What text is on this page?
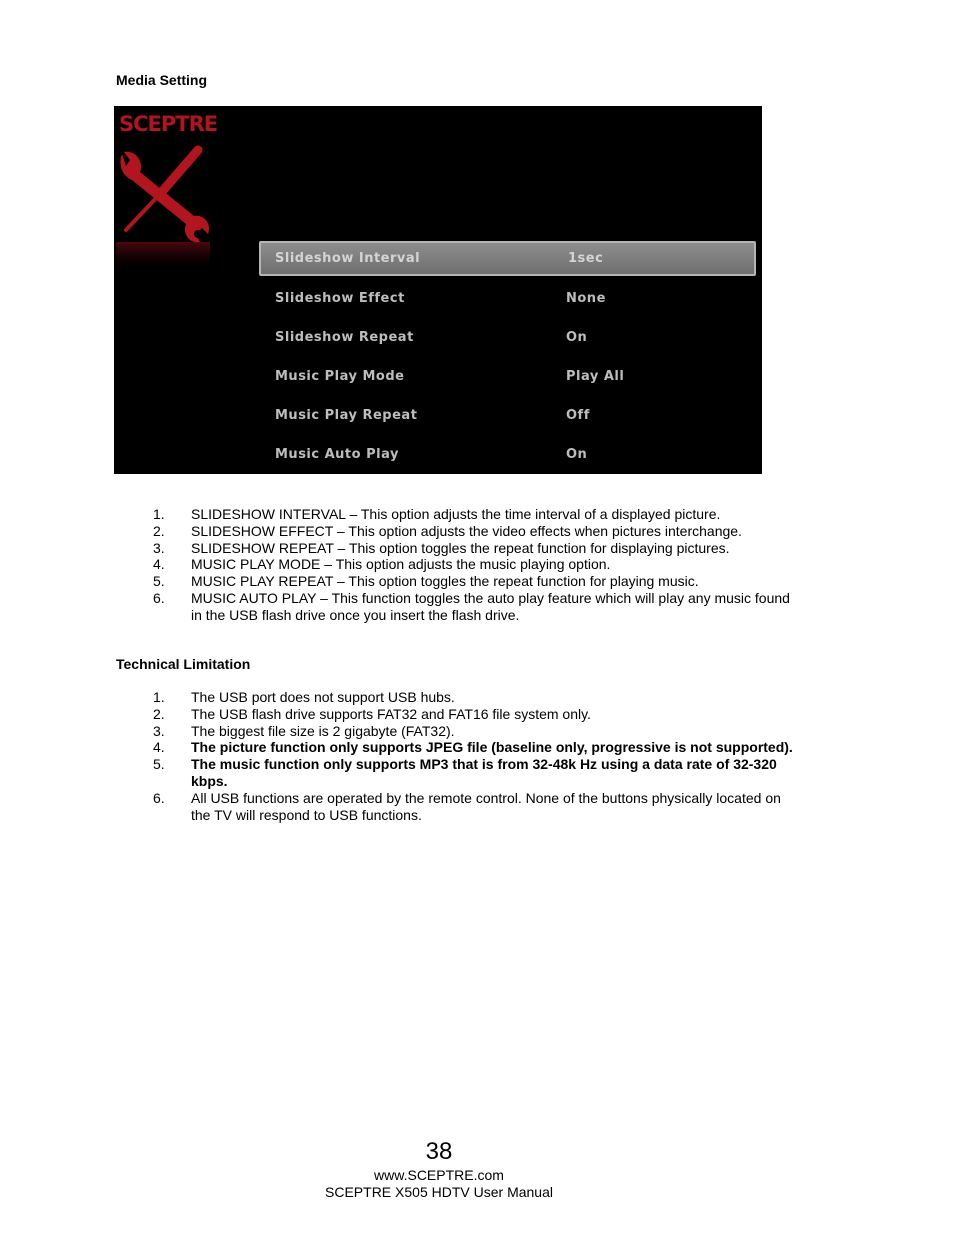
Media Setting
SCEPTRE
Slideshow Interval	1sec
Slideshow Effect	None
Slideshow Repeat	On
Music Play Mode	Play All
Music Play Repeat	Off
Music Auto Play	On
1. SLIDESHOW INTERVAL – This option adjusts the time interval of a displayed picture.
2. SLIDESHOW EFFECT – This option adjusts the video effects when pictures interchange.
3. SLIDESHOW REPEAT – This option toggles the repeat function for displaying pictures.
4. MUSIC PLAY MODE – This option adjusts the music playing option.
5. MUSIC PLAY REPEAT – This option toggles the repeat function for playing music.
6. MUSIC AUTO PLAY – This function toggles the auto play feature which will play any music found in the USB flash drive once you insert the flash drive.
Technical Limitation
1. The USB port does not support USB hubs.
2. The USB flash drive supports FAT32 and FAT16 file system only.
3. The biggest file size is 2 gigabyte (FAT32).
4. The picture function only supports JPEG file (baseline only, progressive is not supported).
5. The music function only supports MP3 that is from 32-48k Hz using a data rate of 32-320 kbps.
6. All USB functions are operated by the remote control. None of the buttons physically located on the TV will respond to USB functions.

38

www.SCEPTRE.com

SCEPTRE X505 HDTV User Manual
